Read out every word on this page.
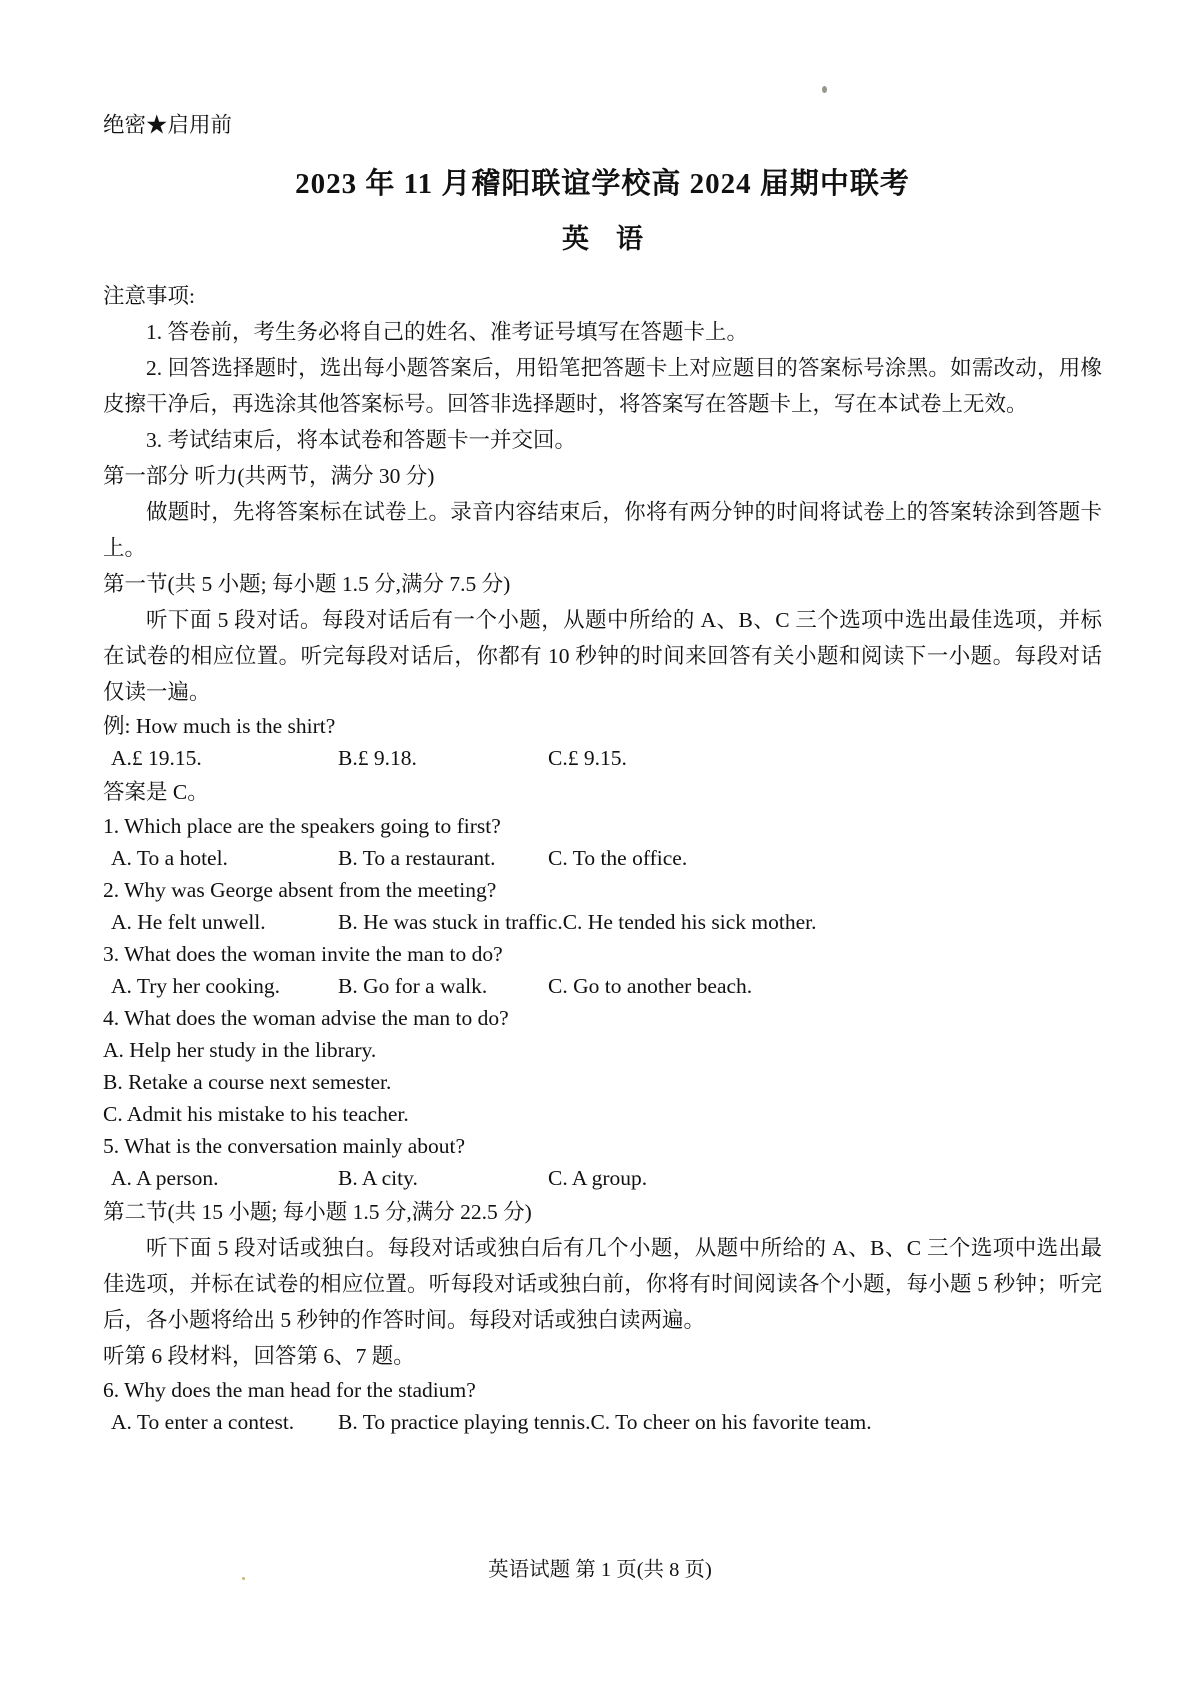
绝密★启用前
2023 年 11 月稽阳联谊学校高 2024 届期中联考
英　语
注意事项:

1. 答卷前，考生务必将自己的姓名、准考证号填写在答题卡上。

2. 回答选择题时，选出每小题答案后，用铅笔把答题卡上对应题目的答案标号涂黑。如需改动，用橡皮擦干净后，再选涂其他答案标号。回答非选择题时，将答案写在答题卡上，写在本试卷上无效。

3. 考试结束后，将本试卷和答题卡一并交回。

第一部分 听力(共两节，满分 30 分)

做题时，先将答案标在试卷上。录音内容结束后，你将有两分钟的时间将试卷上的答案转涂到答题卡上。

第一节(共 5 小题; 每小题 1.5 分,满分 7.5 分)

听下面 5 段对话。每段对话后有一个小题，从题中所给的 A、B、C 三个选项中选出最佳选项，并标在试卷的相应位置。听完每段对话后，你都有 10 秒钟的时间来回答有关小题和阅读下一小题。每段对话仅读一遍。

例: How much is the shirt?
A.£ 19.15.	B.£ 9.18.	C.£ 9.15.
答案是 C。
1. Which place are the speakers going to first?
A. To a hotel.	B. To a restaurant.	C. To the office.
2. Why was George absent from the meeting?
A. He felt unwell.	B. He was stuck in traffic. C. He tended his sick mother.
3. What does the woman invite the man to do?
A. Try her cooking.	B. Go for a walk.	C. Go to another beach.
4. What does the woman advise the man to do?
A. Help her study in the library.
B. Retake a course next semester.
C. Admit his mistake to his teacher.
5. What is the conversation mainly about?
A. A person.	B. A city.	C. A group.
第二节(共 15 小题; 每小题 1.5 分,满分 22.5 分)

听下面 5 段对话或独白。每段对话或独白后有几个小题，从题中所给的 A、B、C 三个选项中选出最佳选项，并标在试卷的相应位置。听每段对话或独白前，你将有时间阅读各个小题，每小题 5 秒钟；听完后，各小题将给出 5 秒钟的作答时间。每段对话或独白读两遍。

听第 6 段材料，回答第 6、7 题。
6. Why does the man head for the stadium?
A. To enter a contest.	B. To practice playing tennis. C. To cheer on his favorite team.
英语试题 第 1 页(共 8 页)
